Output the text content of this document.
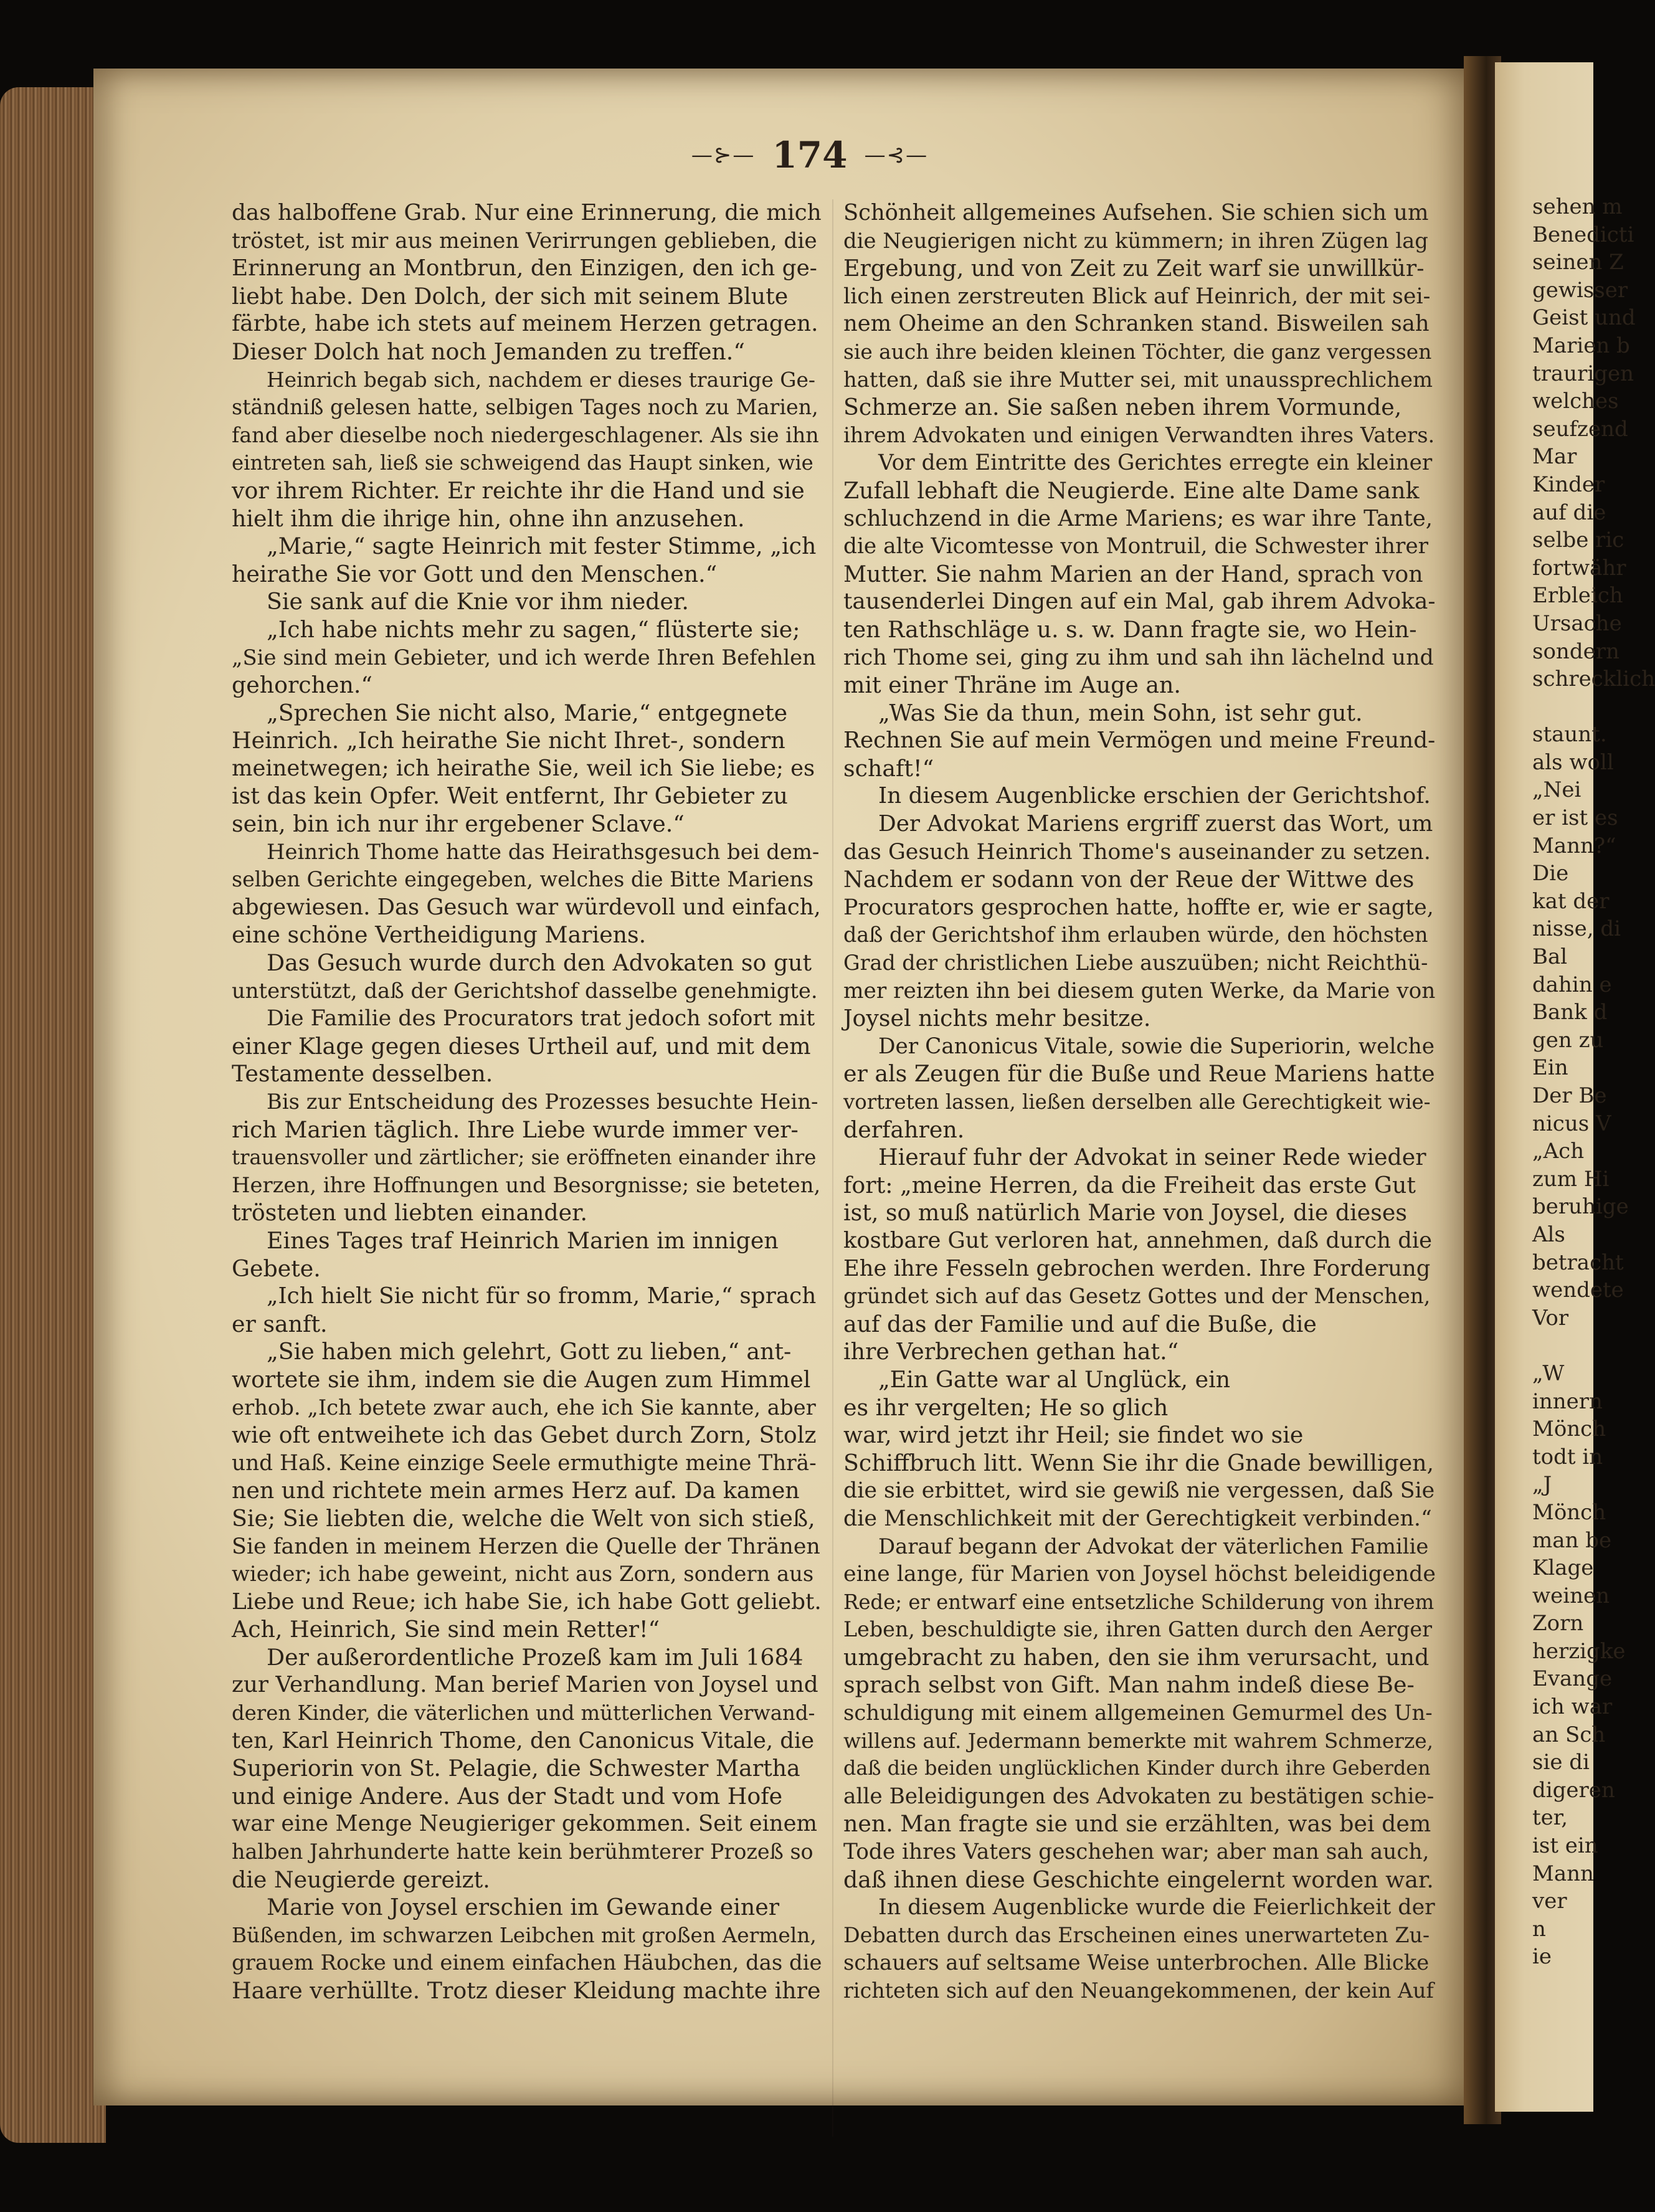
sehen m
Benedicti
seinen Z
gewisser
Geist und
Marien b
traurigen
welches
seufzend
Mar
Kinder
auf die
selbe ric
fortwähr
Erbleich
Ursache
sondern
schrecklich
staunt.
als woll
„Nei
er ist es
Mann?“
Die
kat der
nisse, di
Bal
dahin e
Bank d
gen zu
Ein
Der Be
nicus V
„Ach
zum Hi
beruhige
Als
betracht
wendete
Vor
„W
innern
Mönch
todt in
„J
Mönch
man be
Klage
weinen
Zorn
herzigke
Evange
ich war
an Sch
sie di
digeren
ter,
ist ein
Mann
ver
n
ie
—⊱— 174 —⊰—
das halboffene Grab. Nur eine Erinnerung, die mich
tröstet, ist mir aus meinen Verirrungen geblieben, die
Erinnerung an Montbrun, den Einzigen, den ich ge-
liebt habe. Den Dolch, der sich mit seinem Blute
färbte, habe ich stets auf meinem Herzen getragen.
Dieser Dolch hat noch Jemanden zu treffen.“
Heinrich begab sich, nachdem er dieses traurige Ge-
ständniß gelesen hatte, selbigen Tages noch zu Marien,
fand aber dieselbe noch niedergeschlagener. Als sie ihn
eintreten sah, ließ sie schweigend das Haupt sinken, wie
vor ihrem Richter. Er reichte ihr die Hand und sie
hielt ihm die ihrige hin, ohne ihn anzusehen.
„Marie,“ sagte Heinrich mit fester Stimme, „ich
heirathe Sie vor Gott und den Menschen.“
Sie sank auf die Knie vor ihm nieder.
„Ich habe nichts mehr zu sagen,“ flüsterte sie;
„Sie sind mein Gebieter, und ich werde Ihren Befehlen
gehorchen.“
„Sprechen Sie nicht also, Marie,“ entgegnete
Heinrich. „Ich heirathe Sie nicht Ihret-, sondern
meinetwegen; ich heirathe Sie, weil ich Sie liebe; es
ist das kein Opfer. Weit entfernt, Ihr Gebieter zu
sein, bin ich nur ihr ergebener Sclave.“
Heinrich Thome hatte das Heirathsgesuch bei dem-
selben Gerichte eingegeben, welches die Bitte Mariens
abgewiesen. Das Gesuch war würdevoll und einfach,
eine schöne Vertheidigung Mariens.
Das Gesuch wurde durch den Advokaten so gut
unterstützt, daß der Gerichtshof dasselbe genehmigte.
Die Familie des Procurators trat jedoch sofort mit
einer Klage gegen dieses Urtheil auf, und mit dem
Testamente desselben.
Bis zur Entscheidung des Prozesses besuchte Hein-
rich Marien täglich. Ihre Liebe wurde immer ver-
trauensvoller und zärtlicher; sie eröffneten einander ihre
Herzen, ihre Hoffnungen und Besorgnisse; sie beteten,
trösteten und liebten einander.
Eines Tages traf Heinrich Marien im innigen
Gebete.
„Ich hielt Sie nicht für so fromm, Marie,“ sprach
er sanft.
„Sie haben mich gelehrt, Gott zu lieben,“ ant-
wortete sie ihm, indem sie die Augen zum Himmel
erhob. „Ich betete zwar auch, ehe ich Sie kannte, aber
wie oft entweihete ich das Gebet durch Zorn, Stolz
und Haß. Keine einzige Seele ermuthigte meine Thrä-
nen und richtete mein armes Herz auf. Da kamen
Sie; Sie liebten die, welche die Welt von sich stieß,
Sie fanden in meinem Herzen die Quelle der Thränen
wieder; ich habe geweint, nicht aus Zorn, sondern aus
Liebe und Reue; ich habe Sie, ich habe Gott geliebt.
Ach, Heinrich, Sie sind mein Retter!“
Der außerordentliche Prozeß kam im Juli 1684
zur Verhandlung. Man berief Marien von Joysel und
deren Kinder, die väterlichen und mütterlichen Verwand-
ten, Karl Heinrich Thome, den Canonicus Vitale, die
Superiorin von St. Pelagie, die Schwester Martha
und einige Andere. Aus der Stadt und vom Hofe
war eine Menge Neugieriger gekommen. Seit einem
halben Jahrhunderte hatte kein berühmterer Prozeß so
die Neugierde gereizt.
Marie von Joysel erschien im Gewande einer
Büßenden, im schwarzen Leibchen mit großen Aermeln,
grauem Rocke und einem einfachen Häubchen, das die
Haare verhüllte. Trotz dieser Kleidung machte ihre
Schönheit allgemeines Aufsehen. Sie schien sich um
die Neugierigen nicht zu kümmern; in ihren Zügen lag
Ergebung, und von Zeit zu Zeit warf sie unwillkür-
lich einen zerstreuten Blick auf Heinrich, der mit sei-
nem Oheime an den Schranken stand. Bisweilen sah
sie auch ihre beiden kleinen Töchter, die ganz vergessen
hatten, daß sie ihre Mutter sei, mit unaussprechlichem
Schmerze an. Sie saßen neben ihrem Vormunde,
ihrem Advokaten und einigen Verwandten ihres Vaters.
Vor dem Eintritte des Gerichtes erregte ein kleiner
Zufall lebhaft die Neugierde. Eine alte Dame sank
schluchzend in die Arme Mariens; es war ihre Tante,
die alte Vicomtesse von Montruil, die Schwester ihrer
Mutter. Sie nahm Marien an der Hand, sprach von
tausenderlei Dingen auf ein Mal, gab ihrem Advoka-
ten Rathschläge u. s. w. Dann fragte sie, wo Hein-
rich Thome sei, ging zu ihm und sah ihn lächelnd und
mit einer Thräne im Auge an.
„Was Sie da thun, mein Sohn, ist sehr gut.
Rechnen Sie auf mein Vermögen und meine Freund-
schaft!“
In diesem Augenblicke erschien der Gerichtshof.
Der Advokat Mariens ergriff zuerst das Wort, um
das Gesuch Heinrich Thome's auseinander zu setzen.
Nachdem er sodann von der Reue der Wittwe des
Procurators gesprochen hatte, hoffte er, wie er sagte,
daß der Gerichtshof ihm erlauben würde, den höchsten
Grad der christlichen Liebe auszuüben; nicht Reichthü-
mer reizten ihn bei diesem guten Werke, da Marie von
Joysel nichts mehr besitze.
Der Canonicus Vitale, sowie die Superiorin, welche
er als Zeugen für die Buße und Reue Mariens hatte
vortreten lassen, ließen derselben alle Gerechtigkeit wie-
derfahren.
Hierauf fuhr der Advokat in seiner Rede wieder
fort: „meine Herren, da die Freiheit das erste Gut
ist, so muß natürlich Marie von Joysel, die dieses
kostbare Gut verloren hat, annehmen, daß durch die
Ehe ihre Fesseln gebrochen werden. Ihre Forderung
gründet sich auf das Gesetz Gottes und der Menschen,
auf das der Familie und auf die Buße, die
ihre Verbrechen gethan hat.“
„Ein Gatte war al Unglück, ein
es ihr vergelten; He so glich
war, wird jetzt ihr Heil; sie findet wo sie
Schiffbruch litt. Wenn Sie ihr die Gnade bewilligen,
die sie erbittet, wird sie gewiß nie vergessen, daß Sie
die Menschlichkeit mit der Gerechtigkeit verbinden.“
Darauf begann der Advokat der väterlichen Familie
eine lange, für Marien von Joysel höchst beleidigende
Rede; er entwarf eine entsetzliche Schilderung von ihrem
Leben, beschuldigte sie, ihren Gatten durch den Aerger
umgebracht zu haben, den sie ihm verursacht, und
sprach selbst von Gift. Man nahm indeß diese Be-
schuldigung mit einem allgemeinen Gemurmel des Un-
willens auf. Jedermann bemerkte mit wahrem Schmerze,
daß die beiden unglücklichen Kinder durch ihre Geberden
alle Beleidigungen des Advokaten zu bestätigen schie-
nen. Man fragte sie und sie erzählten, was bei dem
Tode ihres Vaters geschehen war; aber man sah auch,
daß ihnen diese Geschichte eingelernt worden war.
In diesem Augenblicke wurde die Feierlichkeit der
Debatten durch das Erscheinen eines unerwarteten Zu-
schauers auf seltsame Weise unterbrochen. Alle Blicke
richteten sich auf den Neuangekommenen, der kein Auf
